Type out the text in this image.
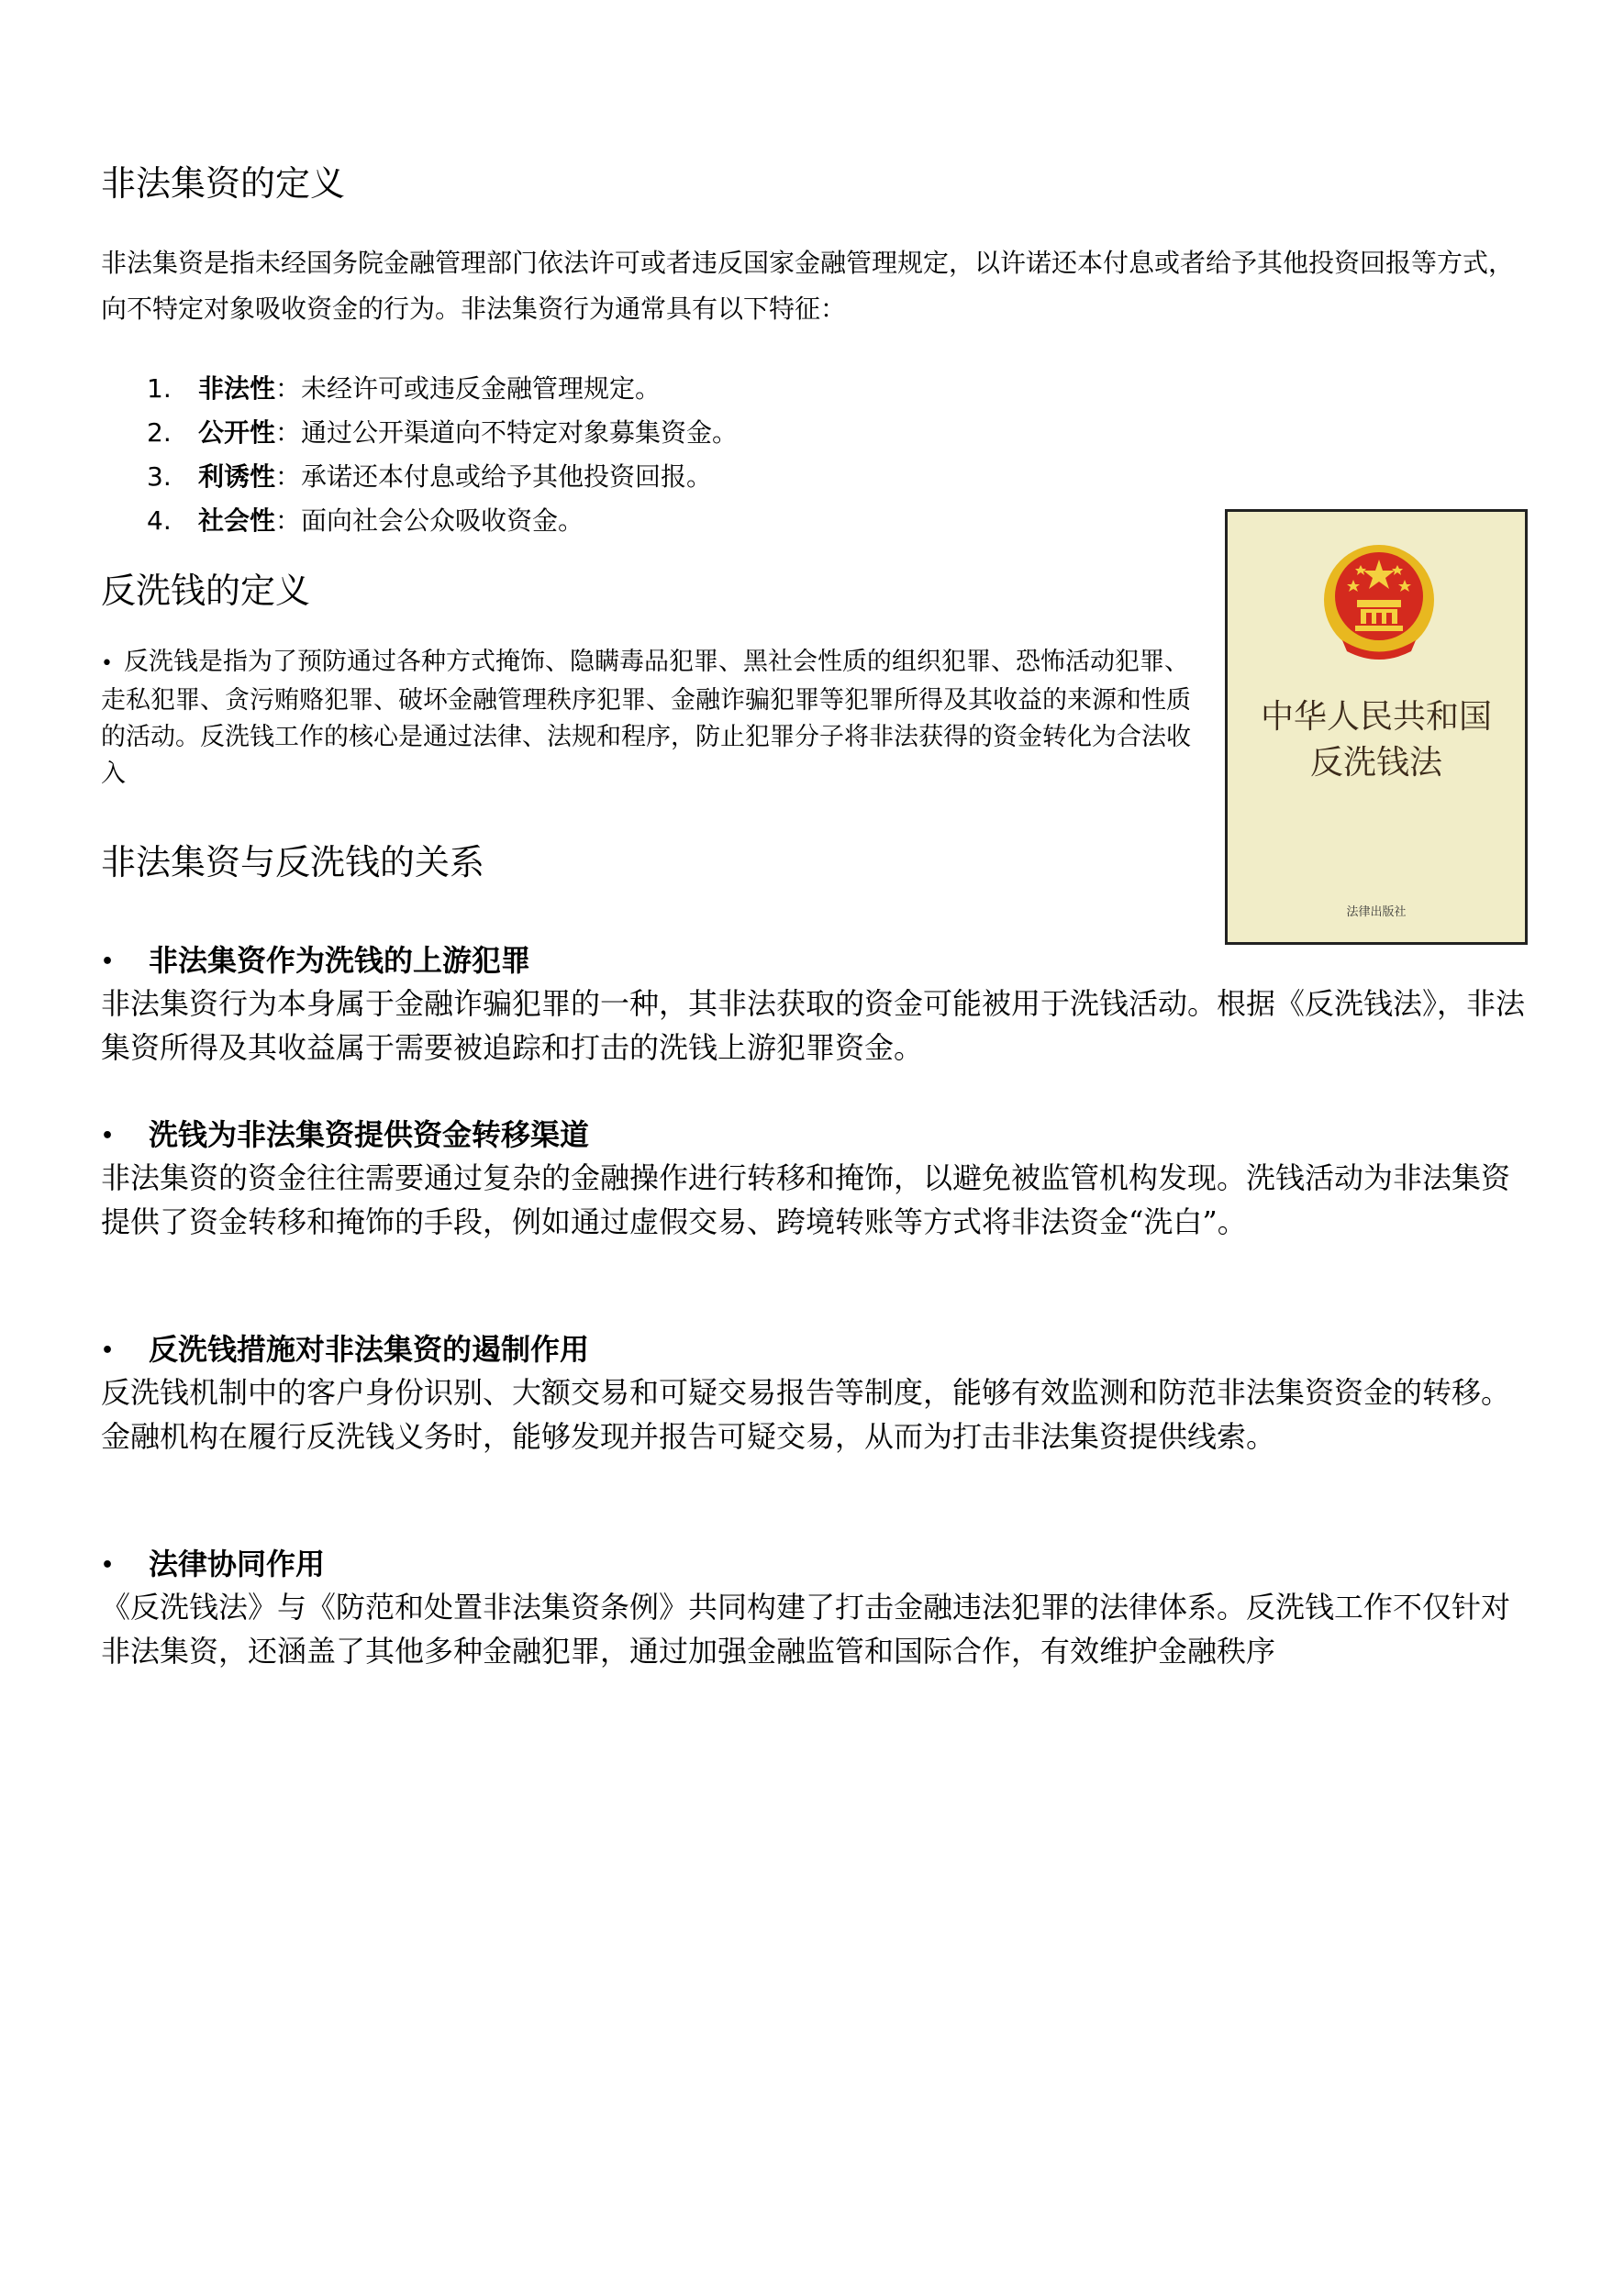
非法集资的定义

非法集资是指未经国务院金融管理部门依法许可或者违反国家金融管理规定，以许诺还本付息或者给予其他投资回报等方式，向不特定对象吸收资金的行为。非法集资行为通常具有以下特征：

1.	非法性 ：未经许可或违反金融管理规定。
2.	公开性 ：通过公开渠道向不特定对象募集资金。
3.	利诱性 ：承诺还本付息或给予其他投资回报。
4.	社会性 ：面向社会公众吸收资金。
反洗钱的定义

• 反洗钱是指为了预防通过各种方式掩饰、隐瞒毒品犯罪、黑社会性质的组织犯罪、恐怖活动犯罪、走私犯罪、贪污贿赂犯罪、破坏金融管理秩序犯罪、金融诈骗犯罪等犯罪所得及其收益的来源和性质的活动。反洗钱工作的核心是通过法律、法规和程序，防止犯罪分子将非法获得的资金转化为合法收入

中华人民共和国
反洗钱法
法律出版社
非法集资与反洗钱的关系

• 非法集资作为洗钱的上游犯罪

非法集资行为本身属于金融诈骗犯罪的一种，其非法获取的资金可能被用于洗钱活动。根据《反洗钱法》，非法集资所得及其收益属于需要被追踪和打击的洗钱上游犯罪资金。

• 洗钱为非法集资提供资金转移渠道

非法集资的资金往往需要通过复杂的金融操作进行转移和掩饰，以避免被监管机构发现。洗钱活动为非法集资提供了资金转移和掩饰的手段，例如通过虚假交易、跨境转账等方式将非法资金“洗白”。

• 反洗钱措施对非法集资的遏制作用

反洗钱机制中的客户身份识别、大额交易和可疑交易报告等制度，能够有效监测和防范非法集资资金的转移。金融机构在履行反洗钱义务时，能够发现并报告可疑交易，从而为打击非法集资提供线索。

• 法律协同作用

《反洗钱法》与《防范和处置非法集资条例》共同构建了打击金融违法犯罪的法律体系。反洗钱工作不仅针对非法集资，还涵盖了其他多种金融犯罪，通过加强金融监管和国际合作，有效维护金融秩序
